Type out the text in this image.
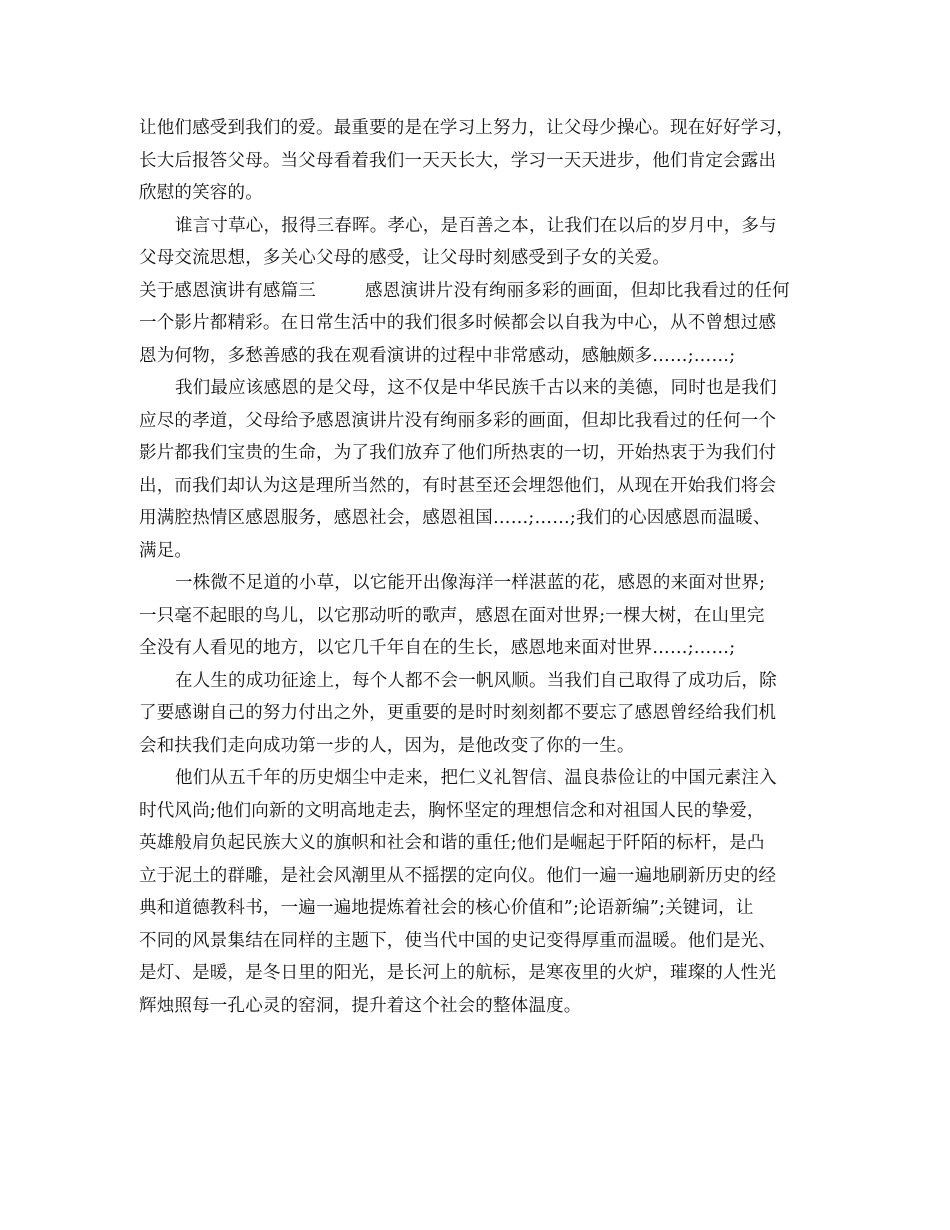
让他们感受到我们的爱。最重要的是在学习上努力，让父母少操心。现在好好学习，
长大后报答父母。当父母看着我们一天天长大，学习一天天进步，他们肯定会露出
欣慰的笑容的。
谁言寸草心，报得三春晖。孝心，是百善之本，让我们在以后的岁月中，多与
父母交流思想，多关心父母的感受，让父母时刻感受到子女的关爱。
关于感恩演讲有感篇三	感恩演讲片没有绚丽多彩的画面，但却比我看过的任何
一个影片都精彩。在日常生活中的我们很多时候都会以自我为中心，从不曾想过感
恩为何物，多愁善感的我在观看演讲的过程中非常感动，感触颇多……;……;
我们最应该感恩的是父母，这不仅是中华民族千古以来的美德，同时也是我们
应尽的孝道，父母给予感恩演讲片没有绚丽多彩的画面，但却比我看过的任何一个
影片都我们宝贵的生命，为了我们放弃了他们所热衷的一切，开始热衷于为我们付
出，而我们却认为这是理所当然的，有时甚至还会埋怨他们，从现在开始我们将会
用满腔热情区感恩服务，感恩社会，感恩祖国……;……;我们的心因感恩而温暖、
满足。
一株微不足道的小草，以它能开出像海洋一样湛蓝的花，感恩的来面对世界;
一只毫不起眼的鸟儿，以它那动听的歌声，感恩在面对世界;一棵大树，在山里完
全没有人看见的地方，以它几千年自在的生长，感恩地来面对世界……;……;
在人生的成功征途上，每个人都不会一帆风顺。当我们自己取得了成功后，除
了要感谢自己的努力付出之外，更重要的是时时刻刻都不要忘了感恩曾经给我们机
会和扶我们走向成功第一步的人，因为，是他改变了你的一生。
他们从五千年的历史烟尘中走来，把仁义礼智信、温良恭俭让的中国元素注入
时代风尚;他们向新的文明高地走去，胸怀坚定的理想信念和对祖国人民的挚爱，
英雄般肩负起民族大义的旗帜和社会和谐的重任;他们是崛起于阡陌的标杆，是凸
立于泥土的群雕，是社会风潮里从不摇摆的定向仪。他们一遍一遍地刷新历史的经
典和道德教科书，一遍一遍地提炼着社会的核心价值和”;论语新编”;关键词，让
不同的风景集结在同样的主题下，使当代中国的史记变得厚重而温暖。他们是光、
是灯、是暖，是冬日里的阳光，是长河上的航标，是寒夜里的火炉，璀璨的人性光
辉烛照每一孔心灵的窑洞，提升着这个社会的整体温度。
